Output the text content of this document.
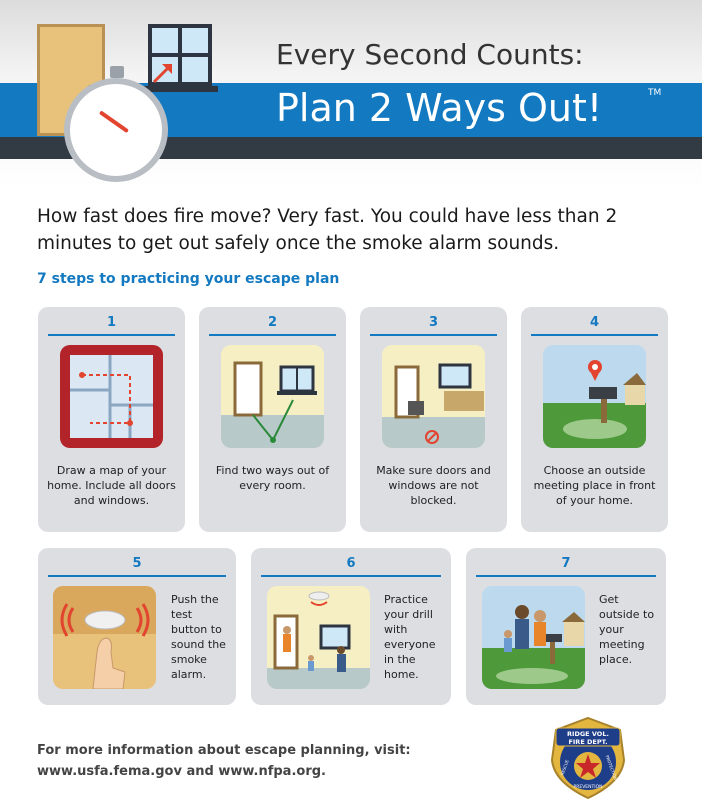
Every Second Counts:
Plan 2 Ways Out!	TM
How fast does fire move? Very fast. You could have less than 2 minutes to get out safely once the smoke alarm sounds.
7 steps to practicing your escape plan
1
Draw a map of your home. Include all doors and windows.
2
Find two ways out of every room.
3
Make sure doors and windows are not blocked.
4
Choose an outside meeting place in front of your home.
5
Push the test button to sound the smoke alarm.
6
Practice your drill with everyone in the home.
7
Get outside to your meeting place.
For more information about escape planning, visit:
www.usfa.fema.gov and www.nfpa.org.
RIDGE VOL.
FIRE DEPT.
RESCUE	PROTECTION
PREVENTION
